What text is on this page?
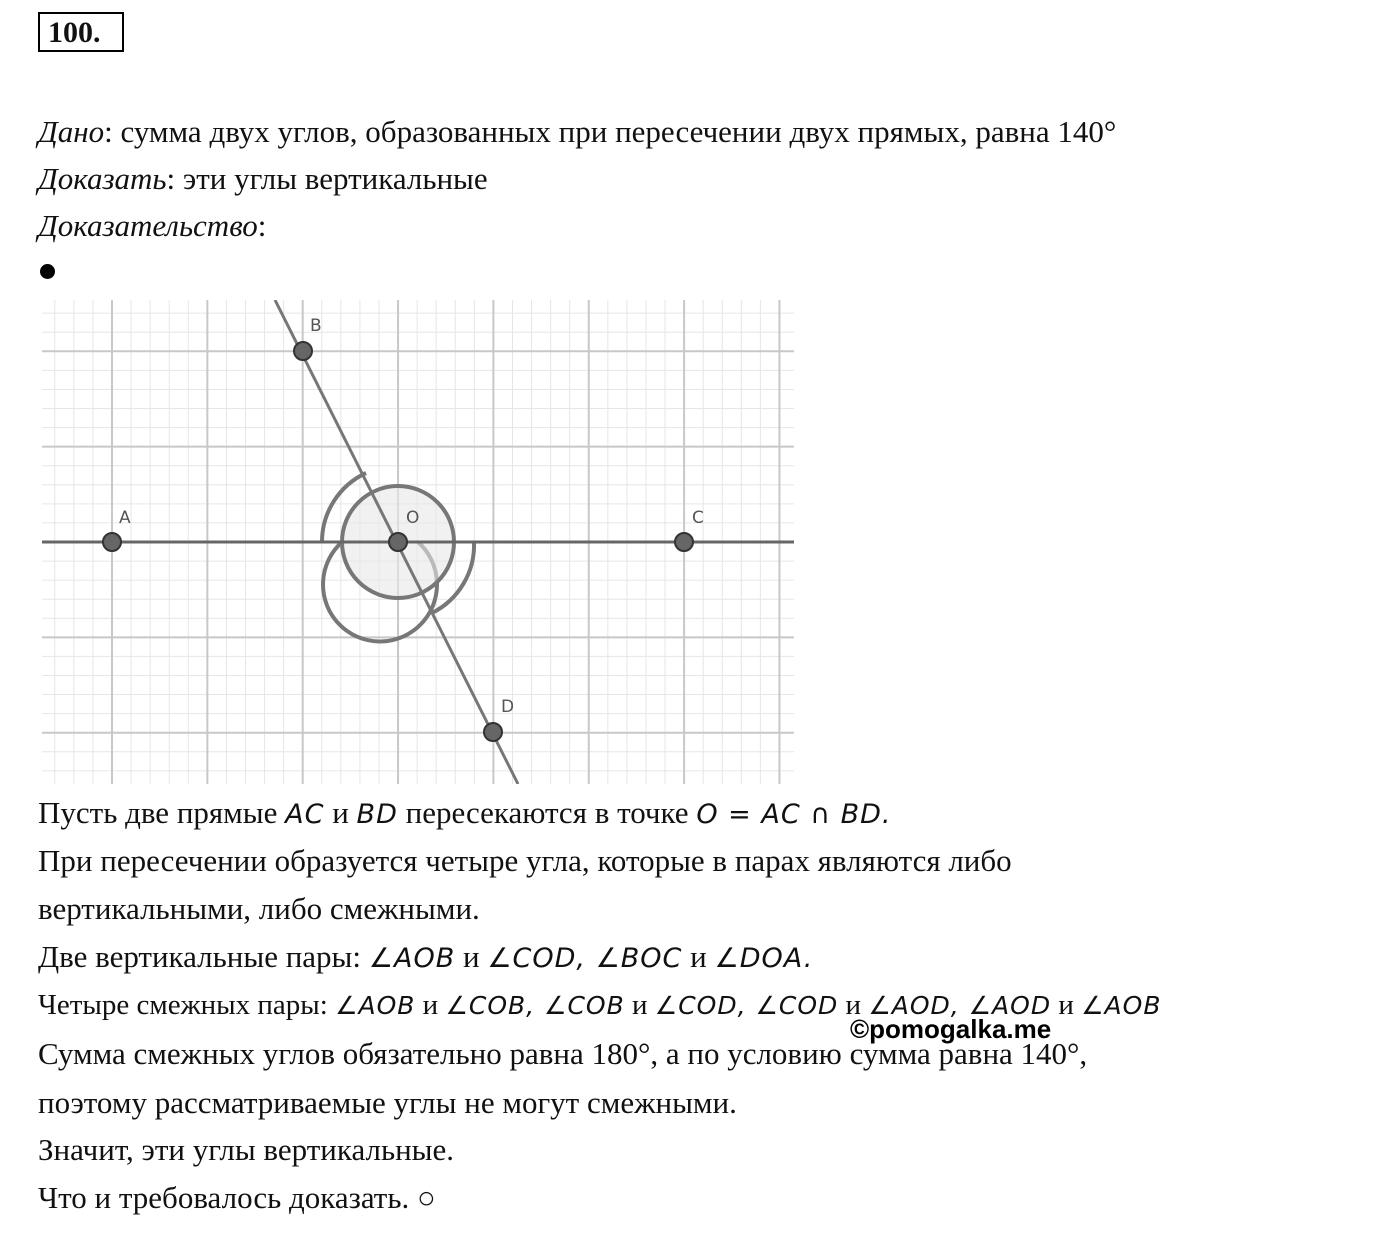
100.
Дано: сумма двух углов, образованных при пересечении двух прямых, равна 140°
Доказать: эти углы вертикальные
Доказательство:
A
B
C
D
O
Пусть две прямые AC и BD пересекаются в точке O = AC ∩ BD.
При пересечении образуется четыре угла, которые в парах являются либо
вертикальными, либо смежными.
Две вертикальные пары: ∠AOB и ∠COD, ∠BOC и ∠DOA.
Четыре смежных пары: ∠AOB и ∠COB, ∠COB и ∠COD, ∠COD и ∠AOD, ∠AOD и ∠AOB
Сумма смежных углов обязательно равна 180°, а по условию сумма равна 140°,
поэтому рассматриваемые углы не могут смежными.
Значит, эти углы вертикальные.
Что и требовалось доказать. ○
©pomogalka.me
